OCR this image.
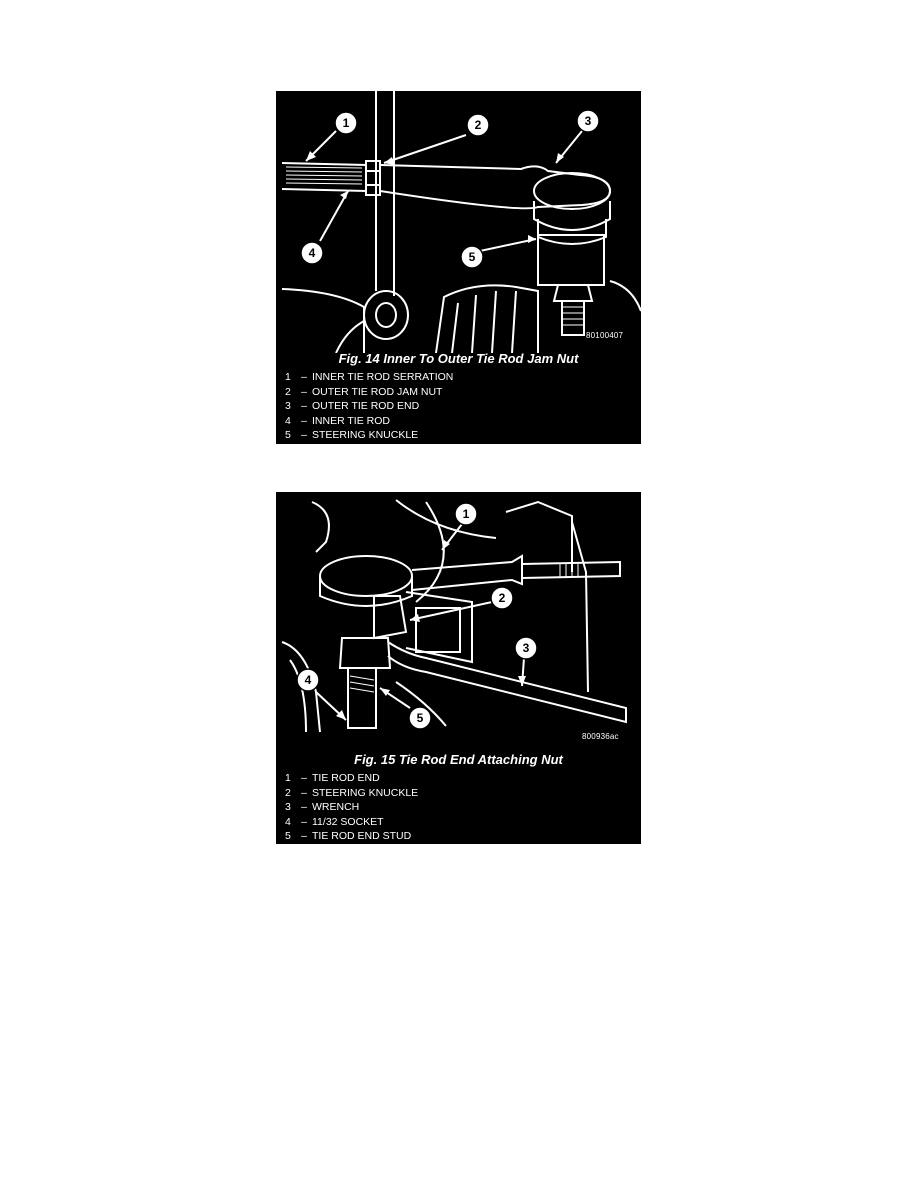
1	2	3
4	5
80100407
Fig. 14 Inner To Outer Tie Rod Jam Nut
1 – INNER TIE ROD SERRATION
2 – OUTER TIE ROD JAM NUT
3 – OUTER TIE ROD END
4 – INNER TIE ROD
5 – STEERING KNUCKLE
1
2
3
4
5
800936ac
Fig. 15 Tie Rod End Attaching Nut
1 – TIE ROD END
2 – STEERING KNUCKLE
3 – WRENCH
4 – 11/32 SOCKET
5 – TIE ROD END STUD
